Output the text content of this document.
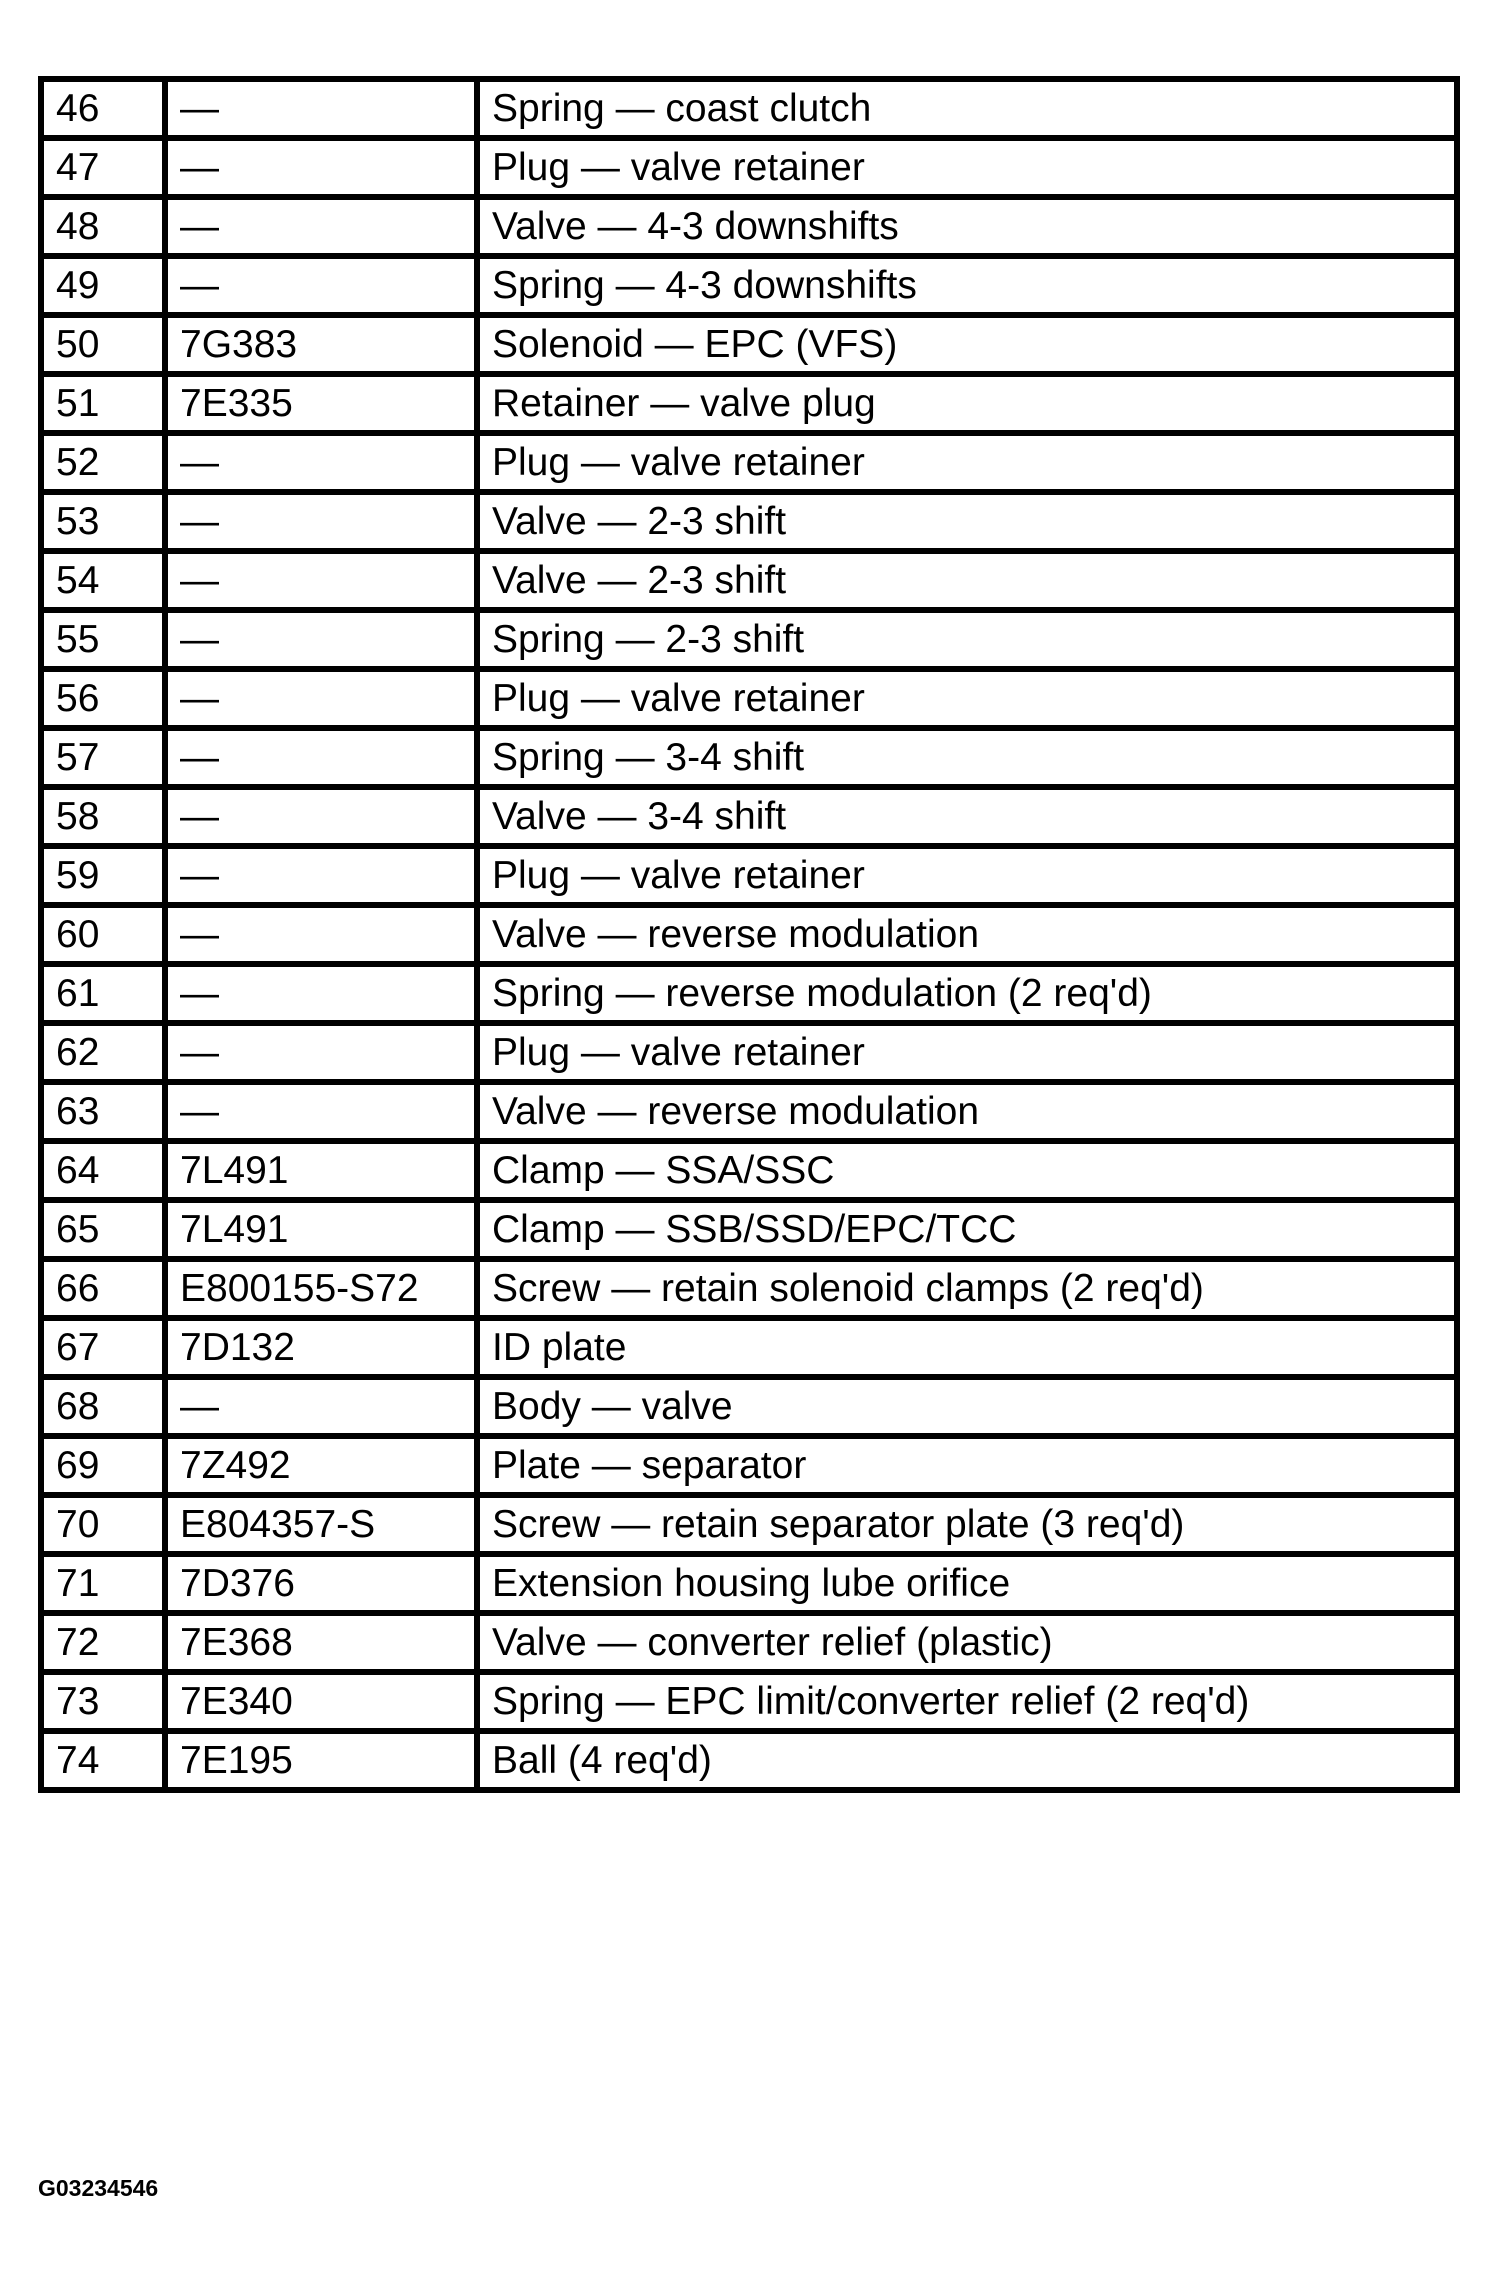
46	—	Spring — coast clutch
47	—	Plug — valve retainer
48	—	Valve — 4-3 downshifts
49	—	Spring — 4-3 downshifts
50	7G383	Solenoid — EPC (VFS)
51	7E335	Retainer — valve plug
52	—	Plug — valve retainer
53	—	Valve — 2-3 shift
54	—	Valve — 2-3 shift
55	—	Spring — 2-3 shift
56	—	Plug — valve retainer
57	—	Spring — 3-4 shift
58	—	Valve — 3-4 shift
59	—	Plug — valve retainer
60	—	Valve — reverse modulation
61	—	Spring — reverse modulation (2 req'd)
62	—	Plug — valve retainer
63	—	Valve — reverse modulation
64	7L491	Clamp — SSA/SSC
65	7L491	Clamp — SSB/SSD/EPC/TCC
66	E800155-S72	Screw — retain solenoid clamps (2 req'd)
67	7D132	ID plate
68	—	Body — valve
69	7Z492	Plate — separator
70	E804357-S	Screw — retain separator plate (3 req'd)
71	7D376	Extension housing lube orifice
72	7E368	Valve — converter relief (plastic)
73	7E340	Spring — EPC limit/converter relief (2 req'd)
74	7E195	Ball (4 req'd)
G03234546
